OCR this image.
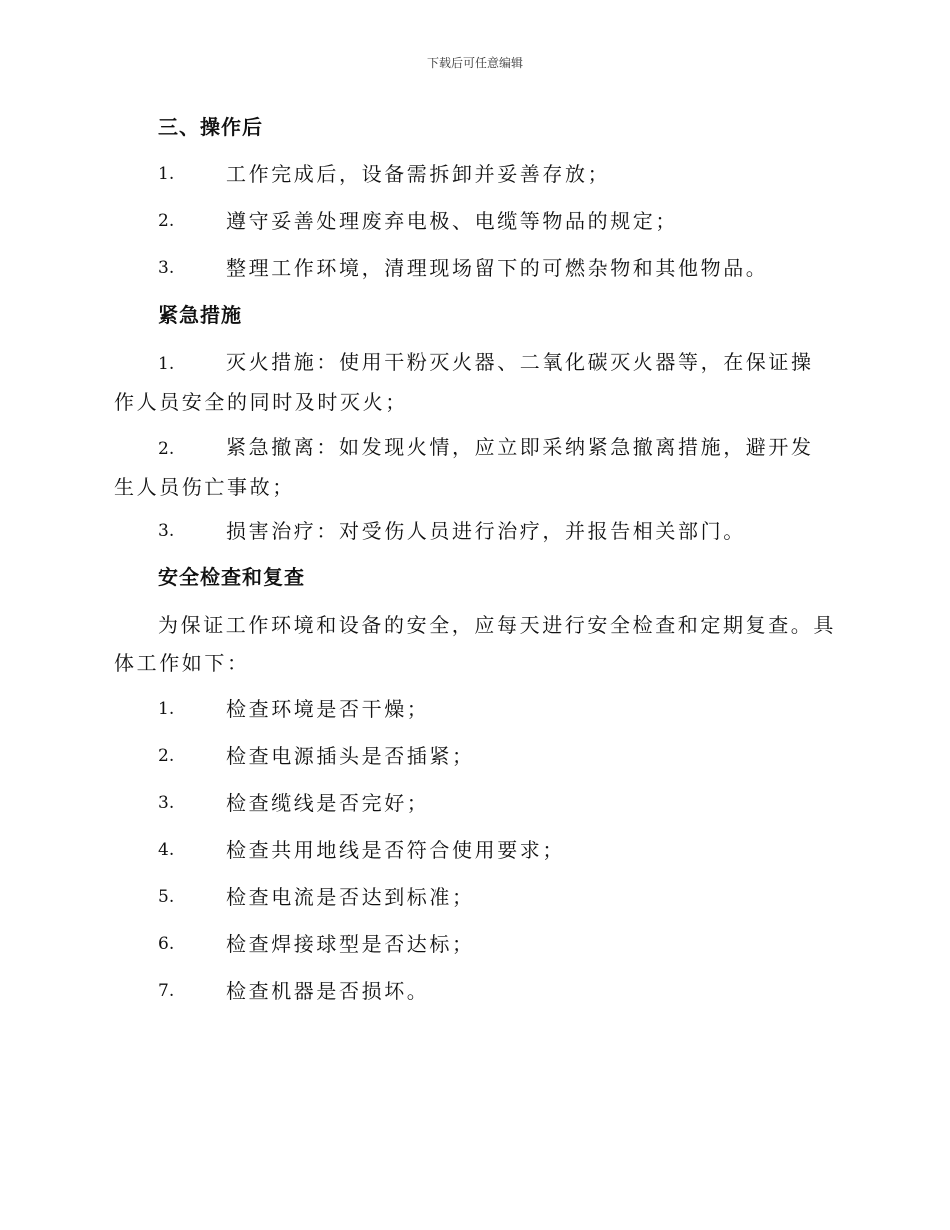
下载后可任意编辑
三、操作后
1.	工作完成后，设备需拆卸并妥善存放；
2.	遵守妥善处理废弃电极、电缆等物品的规定；
3.	整理工作环境，清理现场留下的可燃杂物和其他物品。
紧急措施
1.	灭火措施：使用干粉灭火器、二氧化碳灭火器等，在保证操作人员安全的同时及时灭火；
2.	紧急撤离：如发现火情，应立即采纳紧急撤离措施，避开发生人员伤亡事故；
3.	损害治疗：对受伤人员进行治疗，并报告相关部门。
安全检查和复查
为保证工作环境和设备的安全，应每天进行安全检查和定期复查。具体工作如下：
1.	检查环境是否干燥；
2.	检查电源插头是否插紧；
3.	检查缆线是否完好；
4.	检查共用地线是否符合使用要求；
5.	检查电流是否达到标准；
6.	检查焊接球型是否达标；
7.	检查机器是否损坏。
